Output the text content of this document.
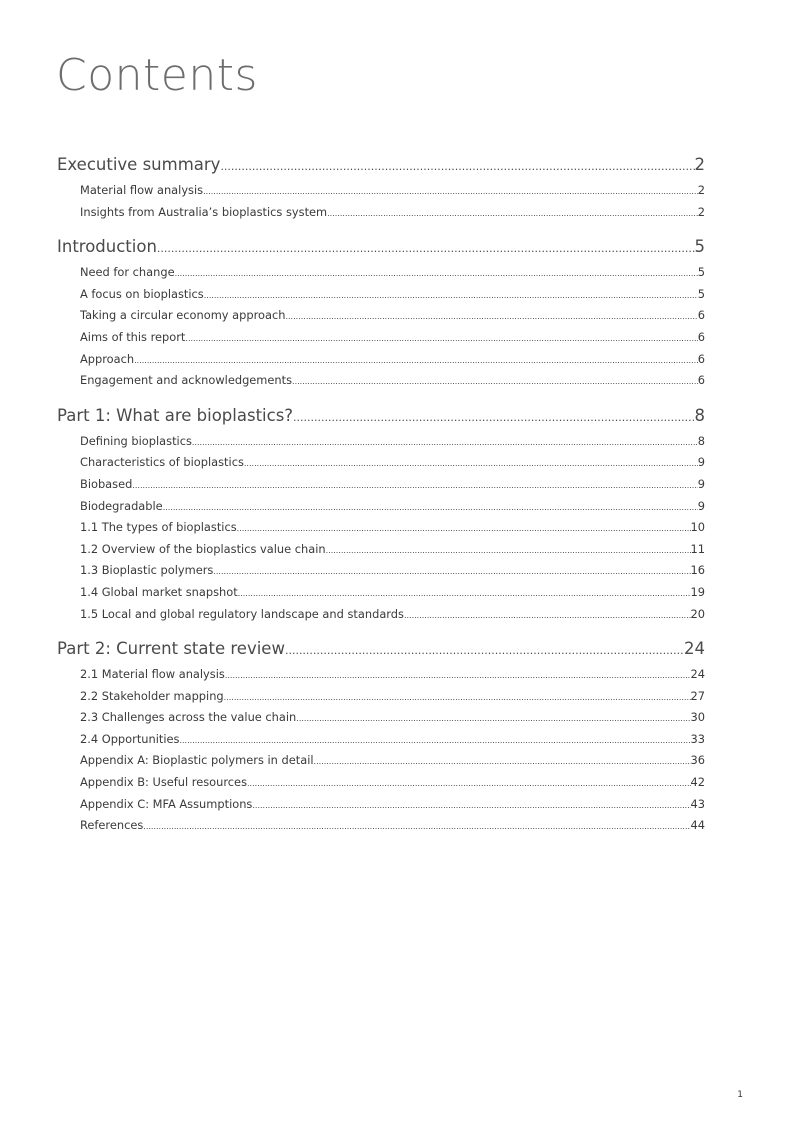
Contents
Executive summary .....	2
Material flow analysis .....	2
Insights from Australia’s bioplastics system .....	2
Introduction .....	5
Need for change .....	5
A focus on bioplastics .....	5
Taking a circular economy approach .....	6
Aims of this report .....	6
Approach .....	6
Engagement and acknowledgements .....	6
Part 1: What are bioplastics? .....	8
Defining bioplastics .....	8
Characteristics of bioplastics .....	9
Biobased .....	9
Biodegradable .....	9
1.1 The types of bioplastics .....	10
1.2 Overview of the bioplastics value chain .....	11
1.3 Bioplastic polymers .....	16
1.4 Global market snapshot .....	19
1.5 Local and global regulatory landscape and standards .....	20
Part 2: Current state review .....	24
2.1 Material flow analysis .....	24
2.2 Stakeholder mapping .....	27
2.3 Challenges across the value chain .....	30
2.4 Opportunities .....	33
Appendix A: Bioplastic polymers in detail .....	36
Appendix B: Useful resources .....	42
Appendix C: MFA Assumptions .....	43
References .....	44
1
